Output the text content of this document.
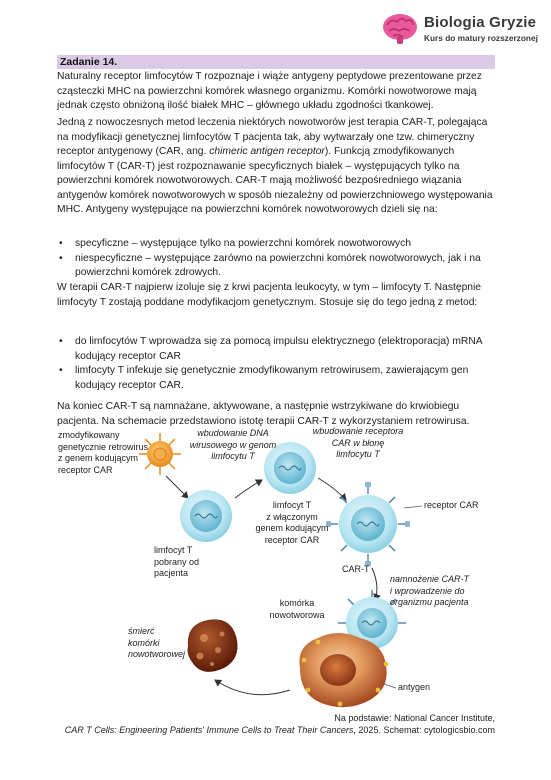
Biologia Gryzie
Kurs do matury rozszerzonej
Zadanie 14.

Naturalny receptor limfocytów T rozpoznaje i wiąże antygeny peptydowe prezentowane przez cząsteczki MHC na powierzchni komórek własnego organizmu. Komórki nowotworowe mają jednak często obniżoną ilość białek MHC – głównego układu zgodności tkankowej.

Jedną z nowoczesnych metod leczenia niektórych nowotworów jest terapia CAR-T, polegająca na modyfikacji genetycznej limfocytów T pacjenta tak, aby wytwarzały one tzw. chimeryczny receptor antygenowy (CAR, ang. chimeric antigen receptor). Funkcją zmodyfikowanych limfocytów T (CAR-T) jest rozpoznawanie specyficznych białek – występujących tylko na powierzchni komórek nowotworowych. CAR-T mają możliwość bezpośredniego wiązania antygenów komórek nowotworowych w sposób niezależny od powierzchniowego występowania MHC. Antygeny występujące na powierzchni komórek nowotworowych dzieli się na:

• specyficzne – występujące tylko na powierzchni komórek nowotworowych
• niespecyficzne – występujące zarówno na powierzchni komórek nowotworowych, jak i na powierzchni komórek zdrowych.

W terapii CAR-T najpierw izoluje się z krwi pacjenta leukocyty, w tym – limfocyty T. Następnie limfocyty T zostają poddane modyfikacjom genetycznym. Stosuje się do tego jedną z metod:

• do limfocytów T wprowadza się za pomocą impulsu elektrycznego (elektroporacja) mRNA kodujący receptor CAR
• limfocyty T infekuje się genetycznie zmodyfikowanym retrowirusem, zawierającym gen kodujący receptor CAR.

Na koniec CAR-T są namnażane, aktywowane, a następnie wstrzykiwane do krwiobiegu pacjenta. Na schemacie przedstawiono istotę terapii CAR-T z wykorzystaniem retrowirusa.

zmodyfikowany
genetycznie retrowirus
z genem kodującym
receptor CAR
wbudowanie DNA
wirusowego w genom
limfocytu T
wbudowanie receptora
CAR w błonę
limfocytu T
limfocyt T
pobrany od
pacjenta
limfocyt T
z włączonym
genem kodującym
receptor CAR
receptor CAR
CAR-T
namnożenie CAR-T
i wprowadzenie do
organizmu pacjenta
komórka
nowotworowa
śmierć komórki
nowotworowej
antygen
Na podstawie: National Cancer Institute,
CAR T Cells: Engineering Patients' Immune Cells to Treat Their Cancers, 2025. Schemat: cytologicsbio.com
